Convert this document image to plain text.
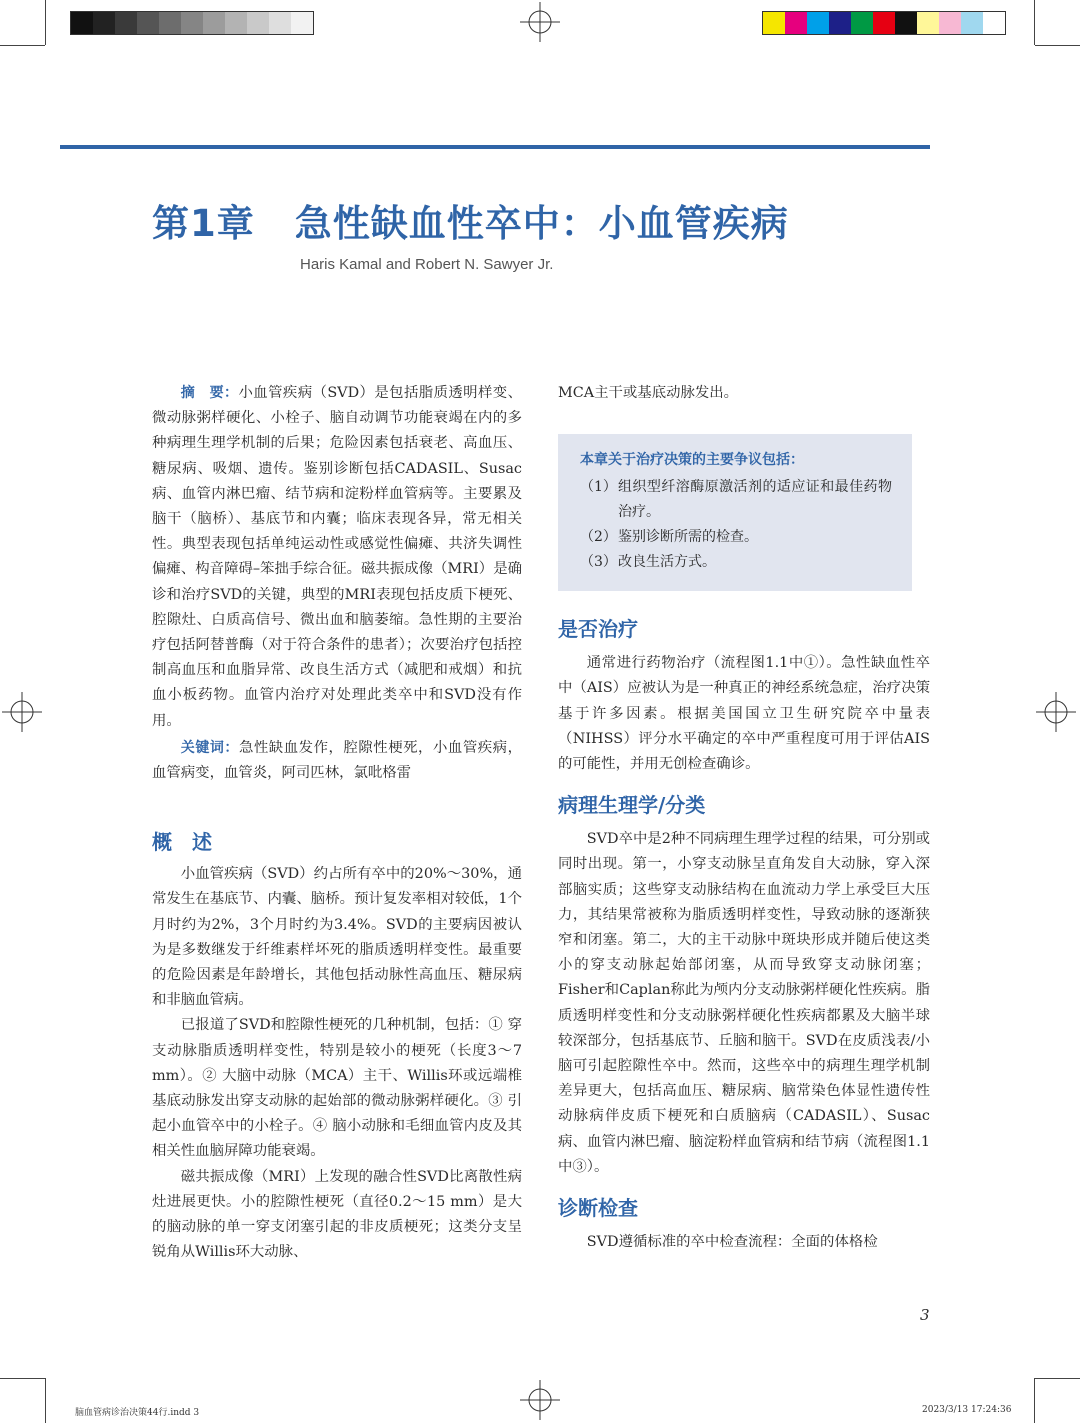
第1章 急性缺血性卒中：小血管疾病
Haris Kamal and Robert N. Sawyer Jr.

摘　要：小血管疾病（SVD）是包括脂质透明样变、微动脉粥样硬化、小栓子、脑自动调节功能衰竭在内的多种病理生理学机制的后果；危险因素包括衰老、高血压、糖尿病、吸烟、遗传。鉴别诊断包括CADASIL、Susac病、血管内淋巴瘤、结节病和淀粉样血管病等。主要累及脑干（脑桥）、基底节和内囊；临床表现各异，常无相关性。典型表现包括单纯运动性或感觉性偏瘫、共济失调性偏瘫、构音障碍–笨拙手综合征。磁共振成像（MRI）是确诊和治疗SVD的关键，典型的MRI表现包括皮质下梗死、腔隙灶、白质高信号、微出血和脑萎缩。急性期的主要治疗包括阿替普酶（对于符合条件的患者）；次要治疗包括控制高血压和血脂异常、改良生活方式（减肥和戒烟）和抗血小板药物。血管内治疗对处理此类卒中和SVD没有作用。

关键词：急性缺血发作，腔隙性梗死，小血管疾病，血管病变，血管炎，阿司匹林，氯吡格雷

概　述

小血管疾病（SVD）约占所有卒中的20%～30%，通常发生在基底节、内囊、脑桥。预计复发率相对较低，1个月时约为2%，3个月时约为3.4%。SVD的主要病因被认为是多数继发于纤维素样坏死的脂质透明样变性。最重要的危险因素是年龄增长，其他包括动脉性高血压、糖尿病和非脑血管病。

已报道了SVD和腔隙性梗死的几种机制，包括：① 穿支动脉脂质透明样变性，特别是较小的梗死（长度3～7 mm）。② 大脑中动脉（MCA）主干、Willis环或远端椎基底动脉发出穿支动脉的起始部的微动脉粥样硬化。③ 引起小血管卒中的小栓子。④ 脑小动脉和毛细血管内皮及其相关性血脑屏障功能衰竭。

磁共振成像（MRI）上发现的融合性SVD比离散性病灶进展更快。小的腔隙性梗死（直径0.2～15 mm）是大的脑动脉的单一穿支闭塞引起的非皮质梗死；这类分支呈锐角从Willis环大动脉、

MCA主干或基底动脉发出。

本章关于治疗决策的主要争议包括：
（1） 组织型纤溶酶原激活剂的适应证和最佳药物治疗。
（2） 鉴别诊断所需的检查。
（3） 改良生活方式。
是否治疗

通常进行药物治疗（流程图1.1中①）。急性缺血性卒中（AIS）应被认为是一种真正的神经系统急症，治疗决策基于许多因素。根据美国国立卫生研究院卒中量表（NIHSS）评分水平确定的卒中严重程度可用于评估AIS的可能性，并用无创检查确诊。

病理生理学/分类

SVD卒中是2种不同病理生理学过程的结果，可分别或同时出现。第一，小穿支动脉呈直角发自大动脉，穿入深部脑实质；这些穿支动脉结构在血流动力学上承受巨大压力，其结果常被称为脂质透明样变性，导致动脉的逐渐狭窄和闭塞。第二，大的主干动脉中斑块形成并随后使这类小的穿支动脉起始部闭塞，从而导致穿支动脉闭塞；Fisher和Caplan称此为颅内分支动脉粥样硬化性疾病。脂质透明样变性和分支动脉粥样硬化性疾病都累及大脑半球较深部分，包括基底节、丘脑和脑干。SVD在皮质浅表/小脑可引起腔隙性卒中。然而，这些卒中的病理生理学机制差异更大，包括高血压、糖尿病、脑常染色体显性遗传性动脉病伴皮质下梗死和白质脑病（CADASIL）、Susac病、血管内淋巴瘤、脑淀粉样血管病和结节病（流程图1.1中③）。

诊断检查

SVD遵循标准的卒中检查流程：全面的体格检

3
脑血管病诊治决策44行.indd 3	2023/3/13 17:24:36
